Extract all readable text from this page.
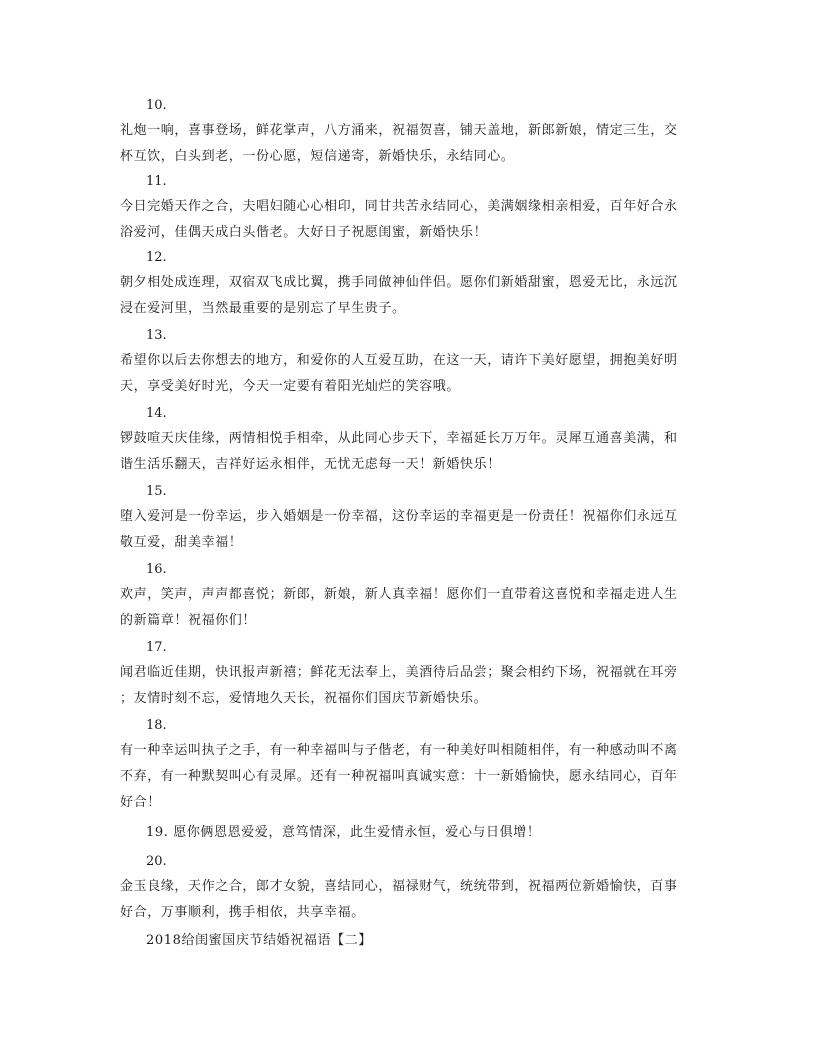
10.
礼炮一响，喜事登场，鲜花掌声，八方涌来，祝福贺喜，铺天盖地，新郎新娘，情定三生，交
杯互饮，白头到老，一份心愿，短信递寄，新婚快乐，永结同心。
11.
今日完婚天作之合，夫唱妇随心心相印，同甘共苦永结同心，美满姻缘相亲相爱，百年好合永
浴爱河，佳偶天成白头偕老。大好日子祝愿闺蜜，新婚快乐！
12.
朝夕相处成连理，双宿双飞成比翼，携手同做神仙伴侣。愿你们新婚甜蜜，恩爱无比，永远沉
浸在爱河里，当然最重要的是别忘了早生贵子。
13.
希望你以后去你想去的地方，和爱你的人互爱互助，在这一天，请许下美好愿望，拥抱美好明
天，享受美好时光，今天一定要有着阳光灿烂的笑容哦。
14.
锣鼓喧天庆佳缘，两情相悦手相牵，从此同心步天下，幸福延长万万年。灵犀互通喜美满，和
谐生活乐翻天，吉祥好运永相伴，无忧无虑每一天！新婚快乐！
15.
堕入爱河是一份幸运，步入婚姻是一份幸福，这份幸运的幸福更是一份责任！祝福你们永远互
敬互爱，甜美幸福！
16.
欢声，笑声，声声都喜悦；新郎，新娘，新人真幸福！愿你们一直带着这喜悦和幸福走进人生
的新篇章！祝福你们！
17.
闻君临近佳期，快讯报声新禧；鲜花无法奉上，美酒待后品尝；聚会相约下场，祝福就在耳旁
；友情时刻不忘，爱情地久天长，祝福你们国庆节新婚快乐。
18.
有一种幸运叫执子之手，有一种幸福叫与子偕老，有一种美好叫相随相伴，有一种感动叫不离
不弃，有一种默契叫心有灵犀。还有一种祝福叫真诚实意：十一新婚愉快，愿永结同心，百年
好合！
19. 愿你俩恩恩爱爱，意笃情深，此生爱情永恒，爱心与日俱增！
20.
金玉良缘，天作之合，郎才女貌，喜结同心，福禄财气，统统带到，祝福两位新婚愉快，百事
好合，万事顺利，携手相依，共享幸福。
2018给闺蜜国庆节结婚祝福语【二】
